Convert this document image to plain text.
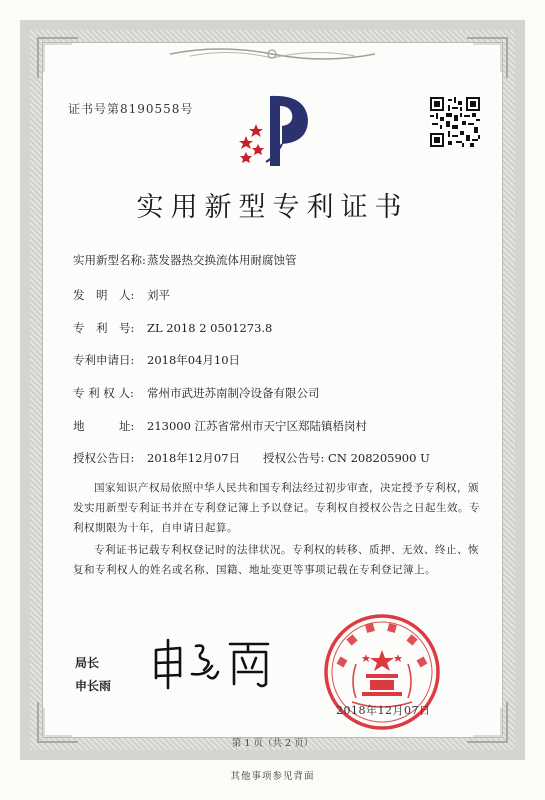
证书号第8190558号
实用新型专利证书
实用新型名称:蒸发器热交换流体用耐腐蚀管
发　明　人: 刘平
专　利　号: ZL 2018 2 0501273.8
专利申请日: 2018年04月10日
专 利 权 人: 常州市武进苏南制冷设备有限公司
地　　　址: 213000 江苏省常州市天宁区郑陆镇梧岗村
授权公告日: 2018年12月07日　　授权公告号: CN 208205900 U
国家知识产权局依照中华人民共和国专利法经过初步审查，决定授予专利权，颁发实用新型专利证书并在专利登记簿上予以登记。专利权自授权公告之日起生效。专利权期限为十年，自申请日起算。
专利证书记载专利权登记时的法律状况。专利权的转移、质押、无效、终止、恢复和专利权人的姓名或名称、国籍、地址变更等事项记载在专利登记簿上。
局长
申长雨
2018年12月07日
第 1 页（共 2 页）
其他事项参见背面
